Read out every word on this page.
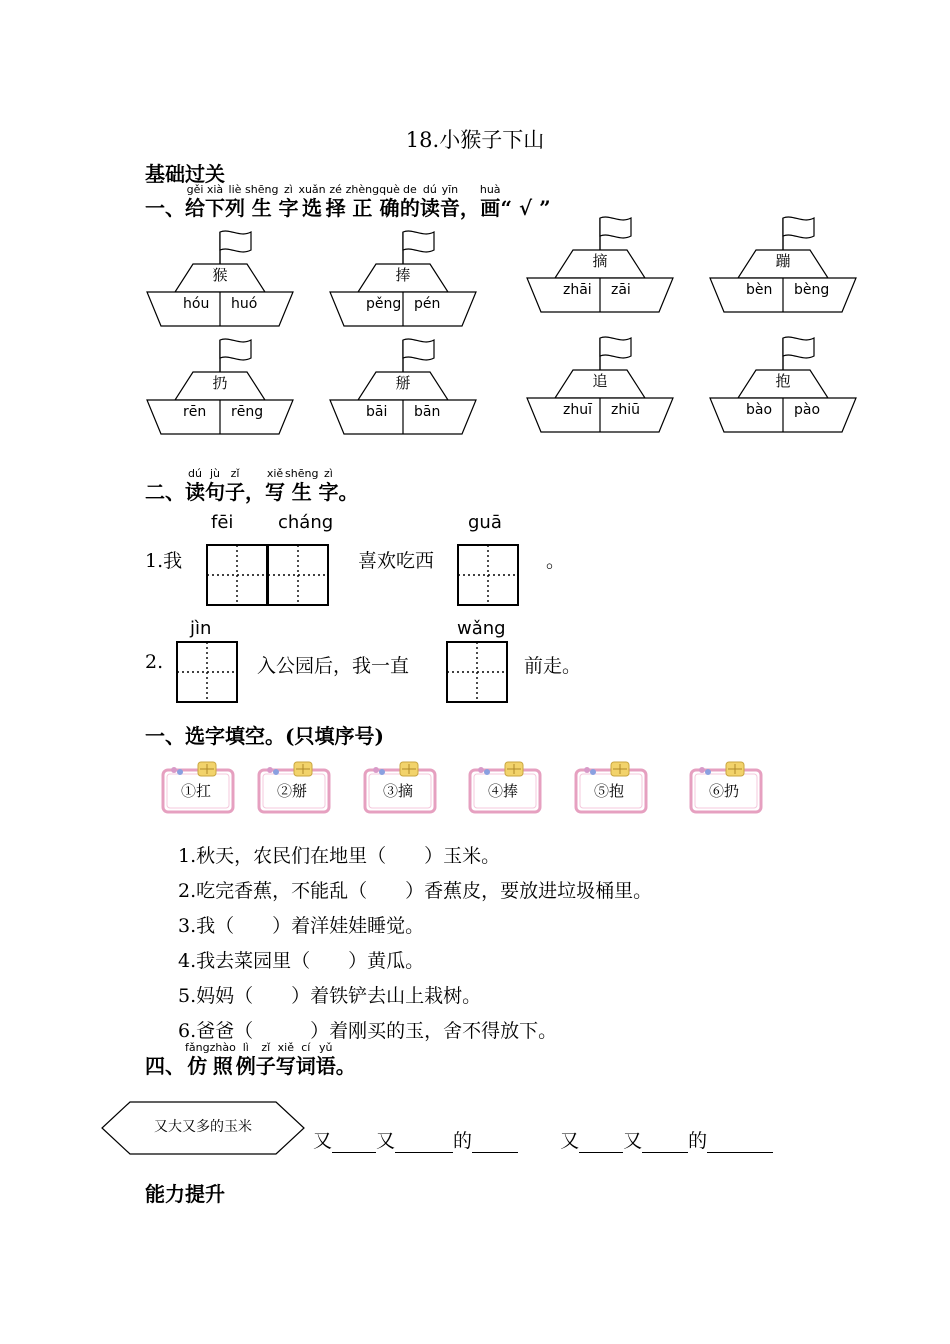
18.小猴子下山
基础过关
一、
gěi
给
xià
下
liè
列
shēng
生
zì
字
xuǎn
选
zé
择
zhèng
正
què
确
de
的
dú
读
yīn
音 ，
huà
画 “ √ ”
猴
hóu huó
捧
pěng pén
摘
zhāi zāi
蹦
bèn bèng
扔
rēn rēng
掰
bāi bān
追
zhuī zhiū
抱
bào pào
二、
dú
读
jù
句
zǐ
子 ，
xiě
写
shēng
生
zì
字 。
fēi cháng	guā
1.我	喜欢吃西	。
jìn	wǎng
2.	入公园后，我一直	前走。
一、选字填空。(只填序号)
①扛	②掰	③摘	④捧	⑤抱	⑥扔
1.秋天，农民们在地里（　　）玉米。
2.吃完香蕉，不能乱（　　）香蕉皮，要放进垃圾桶里。
3.我（　　）着洋娃娃睡觉。
4.我去菜园里（　　）黄瓜。
5.妈妈（　　）着铁铲去山上栽树。
6.爸爸（　　　）着刚买的玉，舍不得放下。
四、
fǎng
仿
zhào
照
lì
例
zǐ
子
xiě
写
cí
词
yǔ
语 。
又大又多的玉米
又 又	的	又 又 的
能力提升
